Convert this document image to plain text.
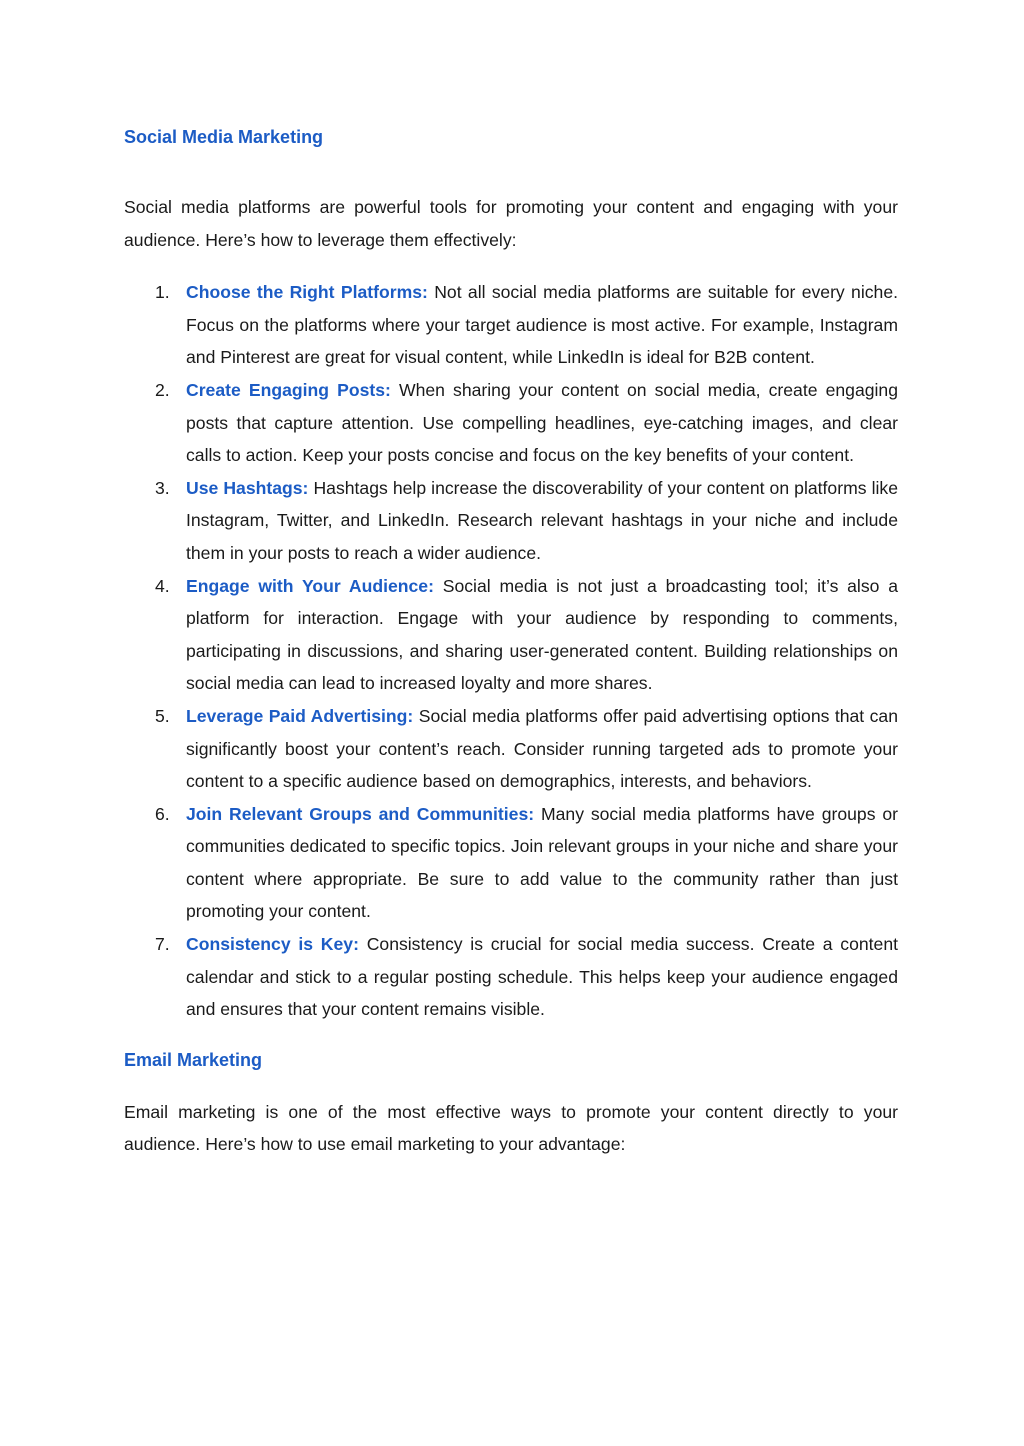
Social Media Marketing

Social media platforms are powerful tools for promoting your content and engaging with your audience. Here’s how to leverage them effectively:

1. Choose the Right Platforms: Not all social media platforms are suitable for every niche. Focus on the platforms where your target audience is most active. For example, Instagram and Pinterest are great for visual content, while LinkedIn is ideal for B2B content.
2. Create Engaging Posts: When sharing your content on social media, create engaging posts that capture attention. Use compelling headlines, eye-catching images, and clear calls to action. Keep your posts concise and focus on the key benefits of your content.
3. Use Hashtags: Hashtags help increase the discoverability of your content on platforms like Instagram, Twitter, and LinkedIn. Research relevant hashtags in your niche and include them in your posts to reach a wider audience.
4. Engage with Your Audience: Social media is not just a broadcasting tool; it’s also a platform for interaction. Engage with your audience by responding to comments, participating in discussions, and sharing user-generated content. Building relationships on social media can lead to increased loyalty and more shares.
5. Leverage Paid Advertising: Social media platforms offer paid advertising options that can significantly boost your content’s reach. Consider running targeted ads to promote your content to a specific audience based on demographics, interests, and behaviors.
6. Join Relevant Groups and Communities: Many social media platforms have groups or communities dedicated to specific topics. Join relevant groups in your niche and share your content where appropriate. Be sure to add value to the community rather than just promoting your content.
7. Consistency is Key: Consistency is crucial for social media success. Create a content calendar and stick to a regular posting schedule. This helps keep your audience engaged and ensures that your content remains visible.
Email Marketing

Email marketing is one of the most effective ways to promote your content directly to your audience. Here’s how to use email marketing to your advantage:
